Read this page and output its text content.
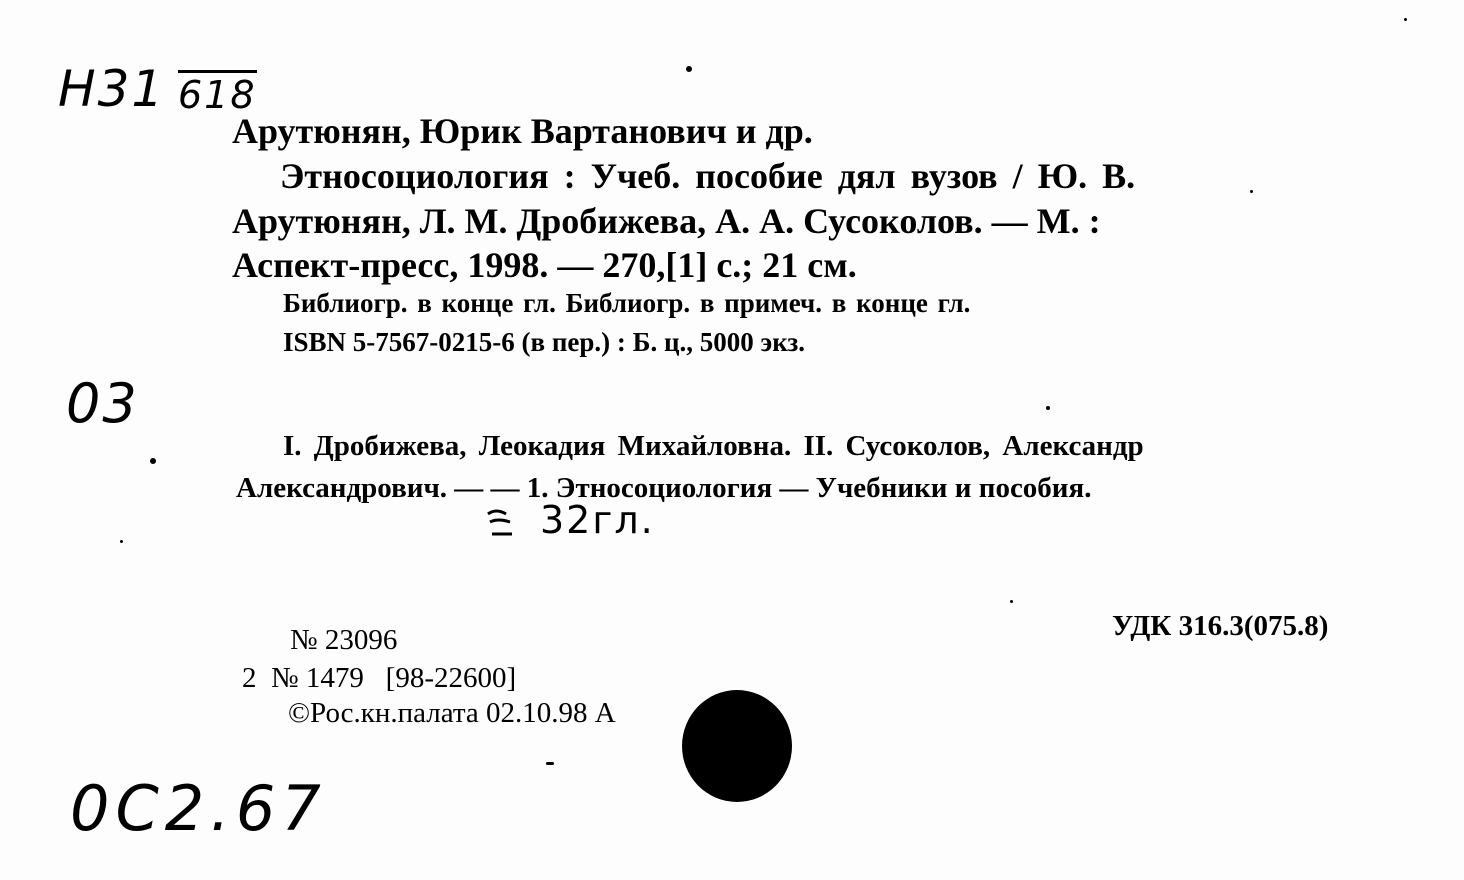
Н31 618
03
0С2.67
Арутюнян, Юрик Вартанович и др.
Этносоциология : Учеб. пособие дял вузов / Ю. В.
Арутюнян, Л. М. Дробижева, А. А. Сусоколов. — М. :
Аспект-пресс, 1998. — 270,[1] с.; 21 см.
Библиогр. в конце гл. Библиогр. в примеч. в конце гл.
ISBN 5-7567-0215-6 (в пер.) : Б. ц., 5000 экз.
I. Дробижева, Леокадия Михайловна. II. Сусоколов, Александр
Александрович. — — 1. Этносоциология — Учебники и пособия.
32гл.
УДК 316.3(075.8)
№ 23096
2  № 1479   [98-22600]
©Рос.кн.палата 02.10.98 А
